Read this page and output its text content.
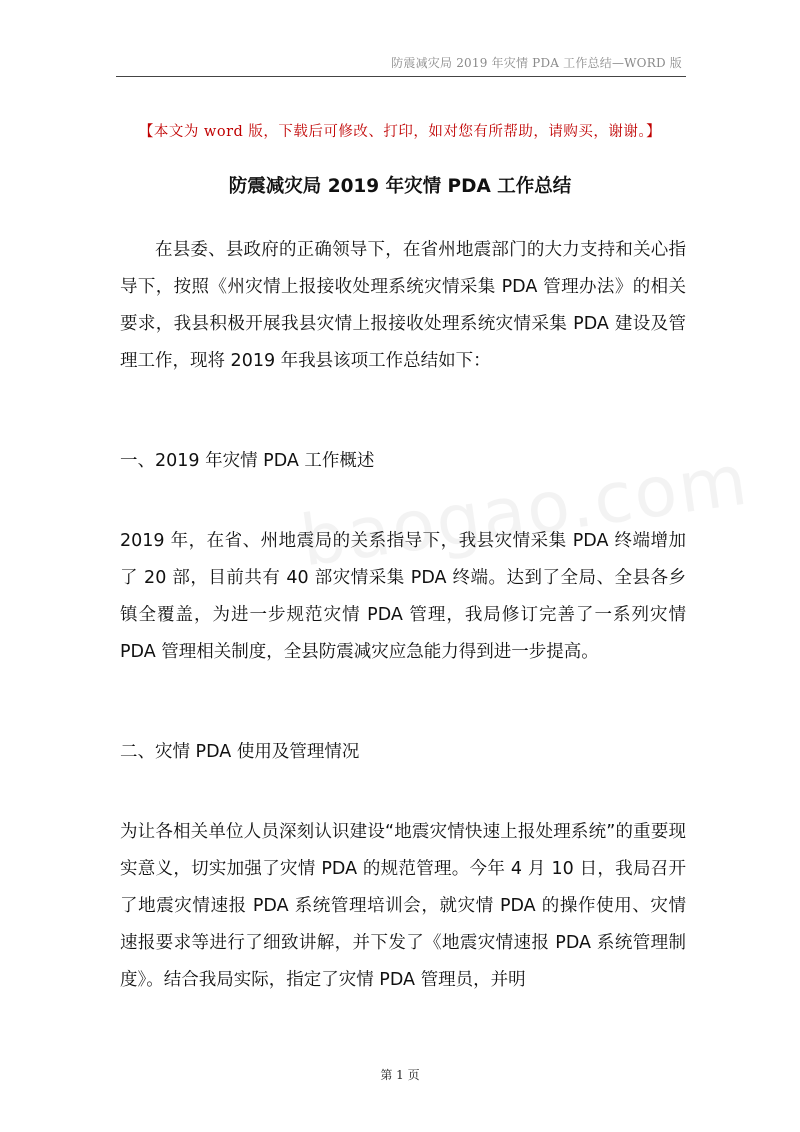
防震减灾局 2019 年灾情 PDA 工作总结—WORD 版
【本文为 word 版，下载后可修改、打印，如对您有所帮助，请购买，谢谢。】
防震减灾局 2019 年灾情 PDA 工作总结

在县委、县政府的正确领导下，在省州地震部门的大力支持和关心指导下，按照《州灾情上报接收处理系统灾情采集 PDA 管理办法》的相关要求，我县积极开展我县灾情上报接收处理系统灾情采集 PDA 建设及管理工作，现将 2019 年我县该项工作总结如下：

一、2019 年灾情 PDA 工作概述

2019 年，在省、州地震局的关系指导下，我县灾情采集 PDA 终端增加了 20 部，目前共有 40 部灾情采集 PDA 终端。达到了全局、全县各乡镇全覆盖，为进一步规范灾情 PDA 管理，我局修订完善了一系列灾情 PDA 管理相关制度，全县防震减灾应急能力得到进一步提高。

二、灾情 PDA 使用及管理情况

为让各相关单位人员深刻认识建设“地震灾情快速上报处理系统”的重要现实意义，切实加强了灾情 PDA 的规范管理。今年 4 月 10 日，我局召开了地震灾情速报 PDA 系统管理培训会，就灾情 PDA 的操作使用、灾情速报要求等进行了细致讲解，并下发了《地震灾情速报 PDA 系统管理制度》。结合我局实际，指定了灾情 PDA 管理员，并明

第 1 页
